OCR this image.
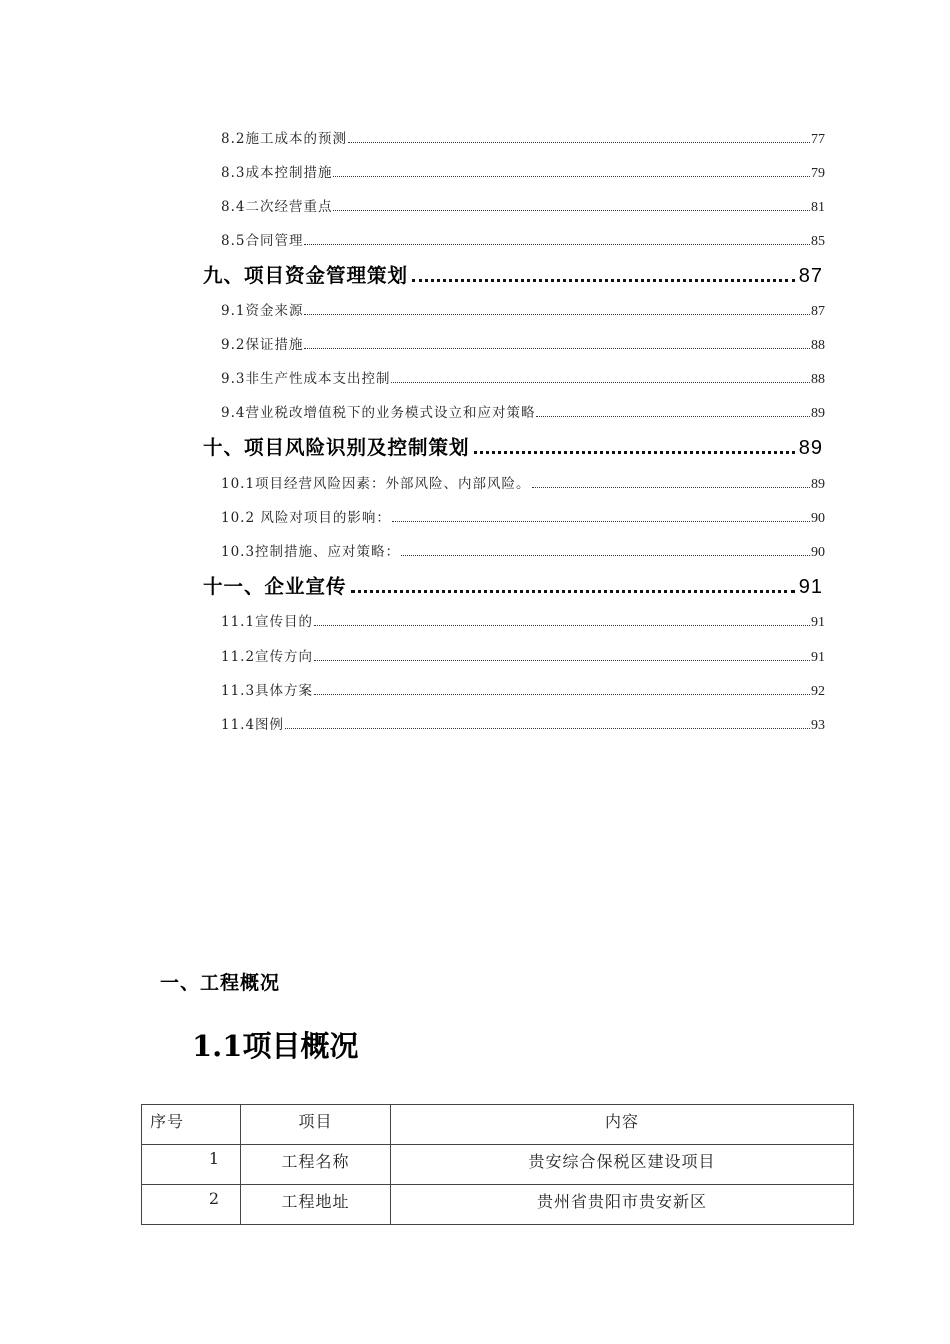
8.2施工成本的预测	77
8.3成本控制措施	79
8.4二次经营重点	81
8.5合同管理	85
九、项目资金管理策划	87
9.1资金来源	87
9.2保证措施	88
9.3非生产性成本支出控制	88
9.4营业税改增值税下的业务模式设立和应对策略	89
十、项目风险识别及控制策划	89
10.1项目经营风险因素：外部风险、内部风险。	89
10.2 风险对项目的影响：	90
10.3控制措施、应对策略：	90
十一、企业宣传	91
11.1宣传目的	91
11.2宣传方向	91
11.3具体方案	92
11.4图例	93
一、工程概况
1.1项目概况
序号	项目	内容
1	工程名称	贵安综合保税区建设项目
2	工程地址	贵州省贵阳市贵安新区
